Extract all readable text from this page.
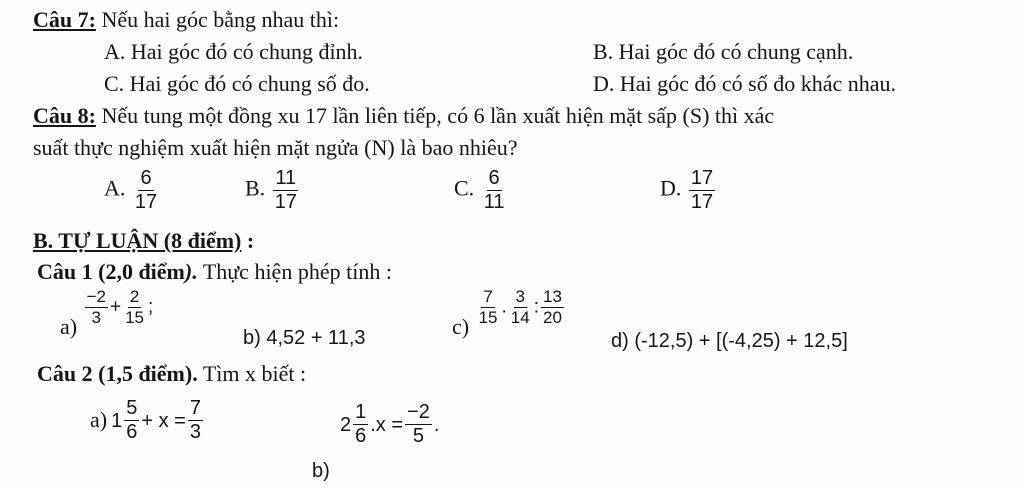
Câu 7: Nếu hai góc bằng nhau thì:
A. Hai góc đó có chung đỉnh.	B. Hai góc đó có chung cạnh.
C. Hai góc đó có chung số đo.	D. Hai góc đó có số đo khác nhau.
Câu 8: Nếu tung một đồng xu 17 lần liên tiếp, có 6 lần xuất hiện mặt sấp (S) thì xác
suất thực nghiệm xuất hiện mặt ngửa (N) là bao nhiêu?
A. $\frac{6}{17}$	B. $\frac{11}{17}$	C. $\frac{6}{11}$	D. $\frac{17}{17}$
B. TỰ LUẬN (8 điểm) :
Câu 1 (2,0 điểm). Thực hiện phép tính :
a)
$\frac{-2}{3} + \frac{2}{15}$ ;
b) 4,52 + 11,3	c)
$\frac{7}{15}$ . $\frac{3}{14}$ : $\frac{13}{20}$
d) (-12,5) + [(-4,25) + 12,5]
Câu 2 (1,5 điểm). Tìm x biết :
a) $1 \frac{5}{6} + x = \frac{7}{3}$	$2 \frac{1}{6} .x = \frac{-2}{5}$ .
b)
